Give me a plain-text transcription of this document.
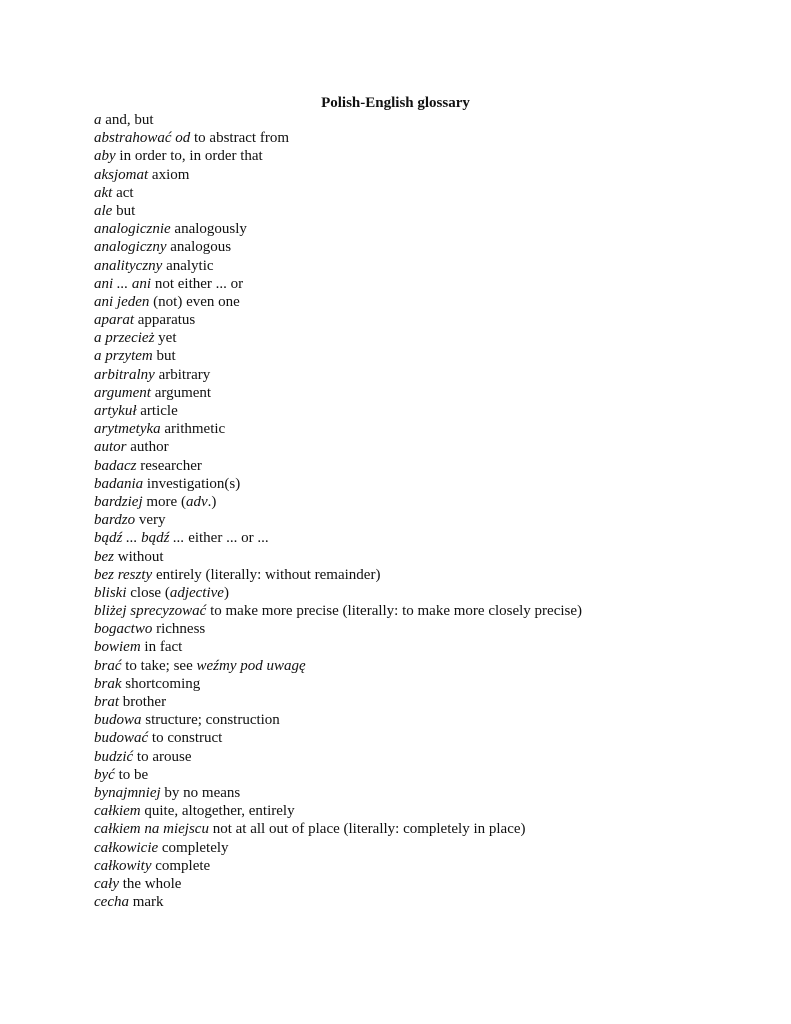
Polish-English glossary
a and, but
abstrahować od to abstract from
aby in order to, in order that
aksjomat axiom
akt act
ale but
analogicznie analogously
analogiczny analogous
analityczny analytic
ani ... ani not either ... or
ani jeden (not) even one
aparat apparatus
a przecież yet
a przytem but
arbitralny arbitrary
argument argument
artykuł article
arytmetyka arithmetic
autor author
badacz researcher
badania investigation(s)
bardziej more (adv.)
bardzo very
bądź ... bądź ... either ... or ...
bez without
bez reszty entirely (literally: without remainder)
bliski close (adjective)
bliżej sprecyzować to make more precise (literally: to make more closely precise)
bogactwo richness
bowiem in fact
brać to take; see weźmy pod uwagę
brak shortcoming
brat brother
budowa structure; construction
budować to construct
budzić to arouse
być to be
bynajmniej by no means
całkiem quite, altogether, entirely
całkiem na miejscu not at all out of place (literally: completely in place)
całkowicie completely
całkowity complete
cały the whole
cecha mark
